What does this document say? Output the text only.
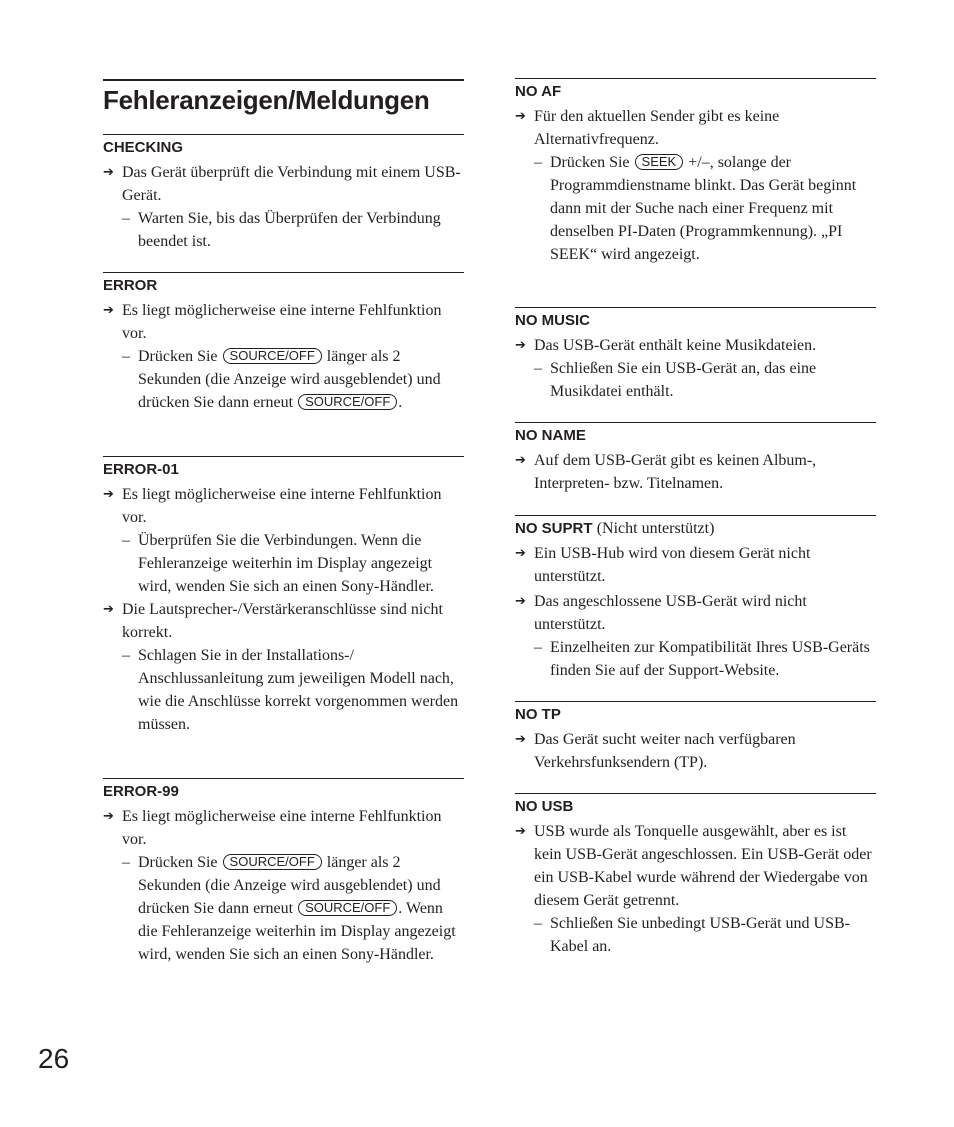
Fehleranzeigen/Meldungen
CHECKING
➔ Das Gerät überprüft die Verbindung mit einem USB-Gerät.
– Warten Sie, bis das Überprüfen der Verbindung beendet ist.
ERROR
➔ Es liegt möglicherweise eine interne Fehlfunktion vor.
– Drücken Sie SOURCE/OFF länger als 2 Sekunden (die Anzeige wird ausgeblendet) und drücken Sie dann erneut SOURCE/OFF .
ERROR-01
➔ Es liegt möglicherweise eine interne Fehlfunktion vor.
– Überprüfen Sie die Verbindungen. Wenn die Fehleranzeige weiterhin im Display angezeigt wird, wenden Sie sich an einen Sony-Händler.
➔ Die Lautsprecher-/Verstärkeranschlüsse sind nicht korrekt.
– Schlagen Sie in der Installations-/ Anschlussanleitung zum jeweiligen Modell nach, wie die Anschlüsse korrekt vorgenommen werden müssen.
ERROR-99
➔ Es liegt möglicherweise eine interne Fehlfunktion vor.
– Drücken Sie SOURCE/OFF länger als 2 Sekunden (die Anzeige wird ausgeblendet) und drücken Sie dann erneut SOURCE/OFF . Wenn die Fehleranzeige weiterhin im Display angezeigt wird, wenden Sie sich an einen Sony-Händler.
NO AF
➔ Für den aktuellen Sender gibt es keine Alternativfrequenz.
– Drücken Sie SEEK +/–, solange der Programmdienstname blinkt. Das Gerät beginnt dann mit der Suche nach einer Frequenz mit denselben PI-Daten (Programmkennung). „PI SEEK“ wird angezeigt.
NO MUSIC
➔ Das USB-Gerät enthält keine Musikdateien.
– Schließen Sie ein USB-Gerät an, das eine Musikdatei enthält.
NO NAME
➔ Auf dem USB-Gerät gibt es keinen Album-, Interpreten- bzw. Titelnamen.
NO SUPRT (Nicht unterstützt)
➔ Ein USB-Hub wird von diesem Gerät nicht unterstützt.
➔ Das angeschlossene USB-Gerät wird nicht unterstützt.
– Einzelheiten zur Kompatibilität Ihres USB-Geräts finden Sie auf der Support-Website.
NO TP
➔ Das Gerät sucht weiter nach verfügbaren Verkehrsfunksendern (TP).
NO USB
➔ USB wurde als Tonquelle ausgewählt, aber es ist kein USB-Gerät angeschlossen. Ein USB-Gerät oder ein USB-Kabel wurde während der Wiedergabe von diesem Gerät getrennt.
– Schließen Sie unbedingt USB-Gerät und USB-Kabel an.
26
